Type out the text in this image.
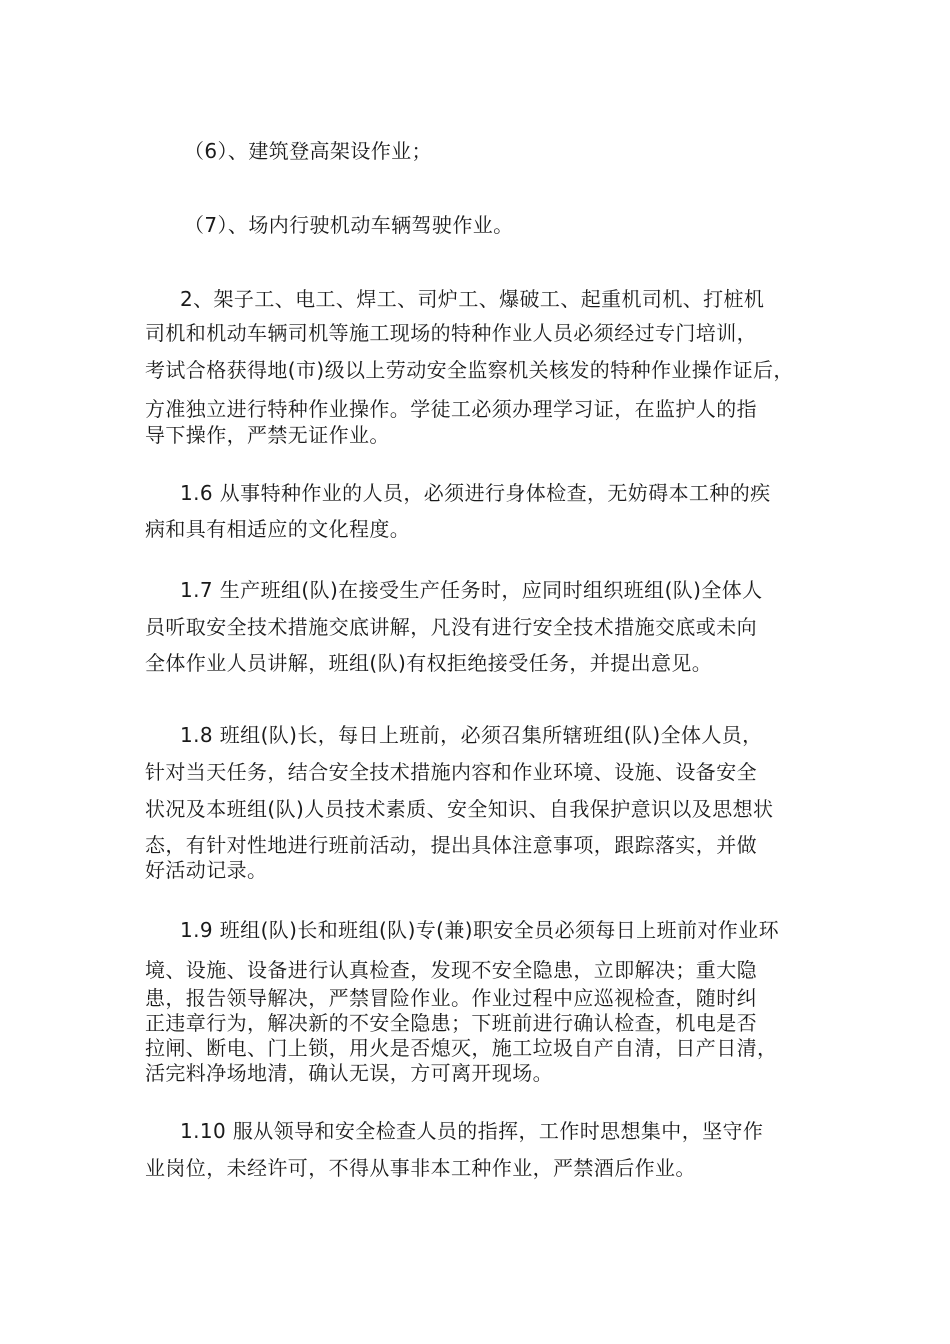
（6）、建筑登高架设作业；
（7）、场内行驶机动车辆驾驶作业。
2、架子工、电工、焊工、司炉工、爆破工、起重机司机、打桩机
司机和机动车辆司机等施工现场的特种作业人员必须经过专门培训，
考试合格获得地(市)级以上劳动安全监察机关核发的特种作业操作证后，
方准独立进行特种作业操作。学徒工必须办理学习证，在监护人的指
导下操作，严禁无证作业。
1.6 从事特种作业的人员，必须进行身体检查，无妨碍本工种的疾
病和具有相适应的文化程度。
1.7 生产班组(队)在接受生产任务时，应同时组织班组(队)全体人
员听取安全技术措施交底讲解，凡没有进行安全技术措施交底或未向
全体作业人员讲解，班组(队)有权拒绝接受任务，并提出意见。
1.8 班组(队)长，每日上班前，必须召集所辖班组(队)全体人员，
针对当天任务，结合安全技术措施内容和作业环境、设施、设备安全
状况及本班组(队)人员技术素质、安全知识、自我保护意识以及思想状
态，有针对性地进行班前活动，提出具体注意事项，跟踪落实，并做
好活动记录。
1.9 班组(队)长和班组(队)专(兼)职安全员必须每日上班前对作业环
境、设施、设备进行认真检查，发现不安全隐患，立即解决；重大隐
患，报告领导解决，严禁冒险作业。作业过程中应巡视检查，随时纠
正违章行为，解决新的不安全隐患；下班前进行确认检查，机电是否
拉闸、断电、门上锁，用火是否熄灭，施工垃圾自产自清，日产日清，
活完料净场地清，确认无误，方可离开现场。
1.10 服从领导和安全检查人员的指挥，工作时思想集中，坚守作
业岗位，未经许可，不得从事非本工种作业，严禁酒后作业。
